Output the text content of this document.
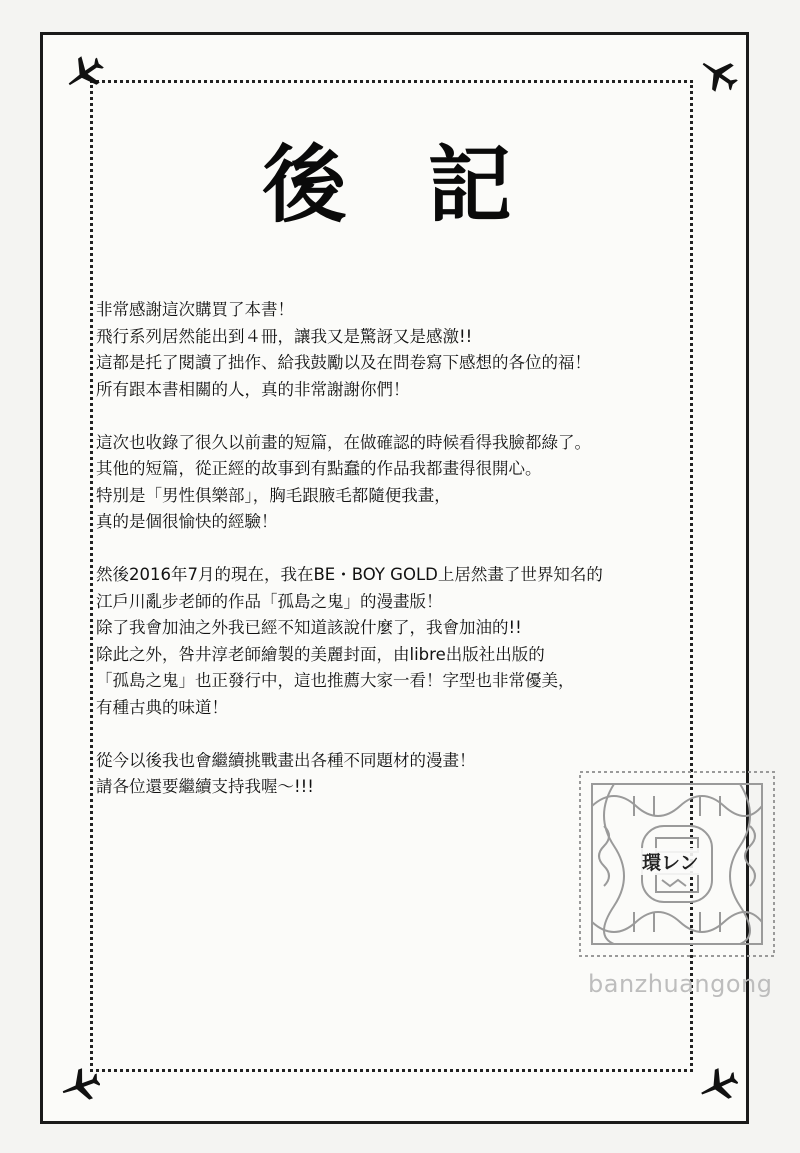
後 記
非常感謝這次購買了本書！
飛行系列居然能出到４冊，讓我又是驚訝又是感激!!
這都是托了閱讀了拙作、給我鼓勵以及在問卷寫下感想的各位的福！
所有跟本書相關的人，真的非常謝謝你們！
這次也收錄了很久以前畫的短篇，在做確認的時候看得我臉都綠了。
其他的短篇，從正經的故事到有點蠢的作品我都畫得很開心。
特別是「男性俱樂部」，胸毛跟腋毛都隨便我畫，
真的是個很愉快的經驗！
然後2016年7月的現在，我在BE・BOY GOLD上居然畫了世界知名的
江戶川亂步老師的作品「孤島之鬼」的漫畫版！
除了我會加油之外我已經不知道該說什麼了，我會加油的!!
除此之外，咎井淳老師繪製的美麗封面，由libre出版社出版的
「孤島之鬼」也正發行中，這也推薦大家一看！字型也非常優美，
有種古典的味道！
從今以後我也會繼續挑戰畫出各種不同題材的漫畫！
請各位還要繼續支持我喔～!!!
環レン
banzhuangong
